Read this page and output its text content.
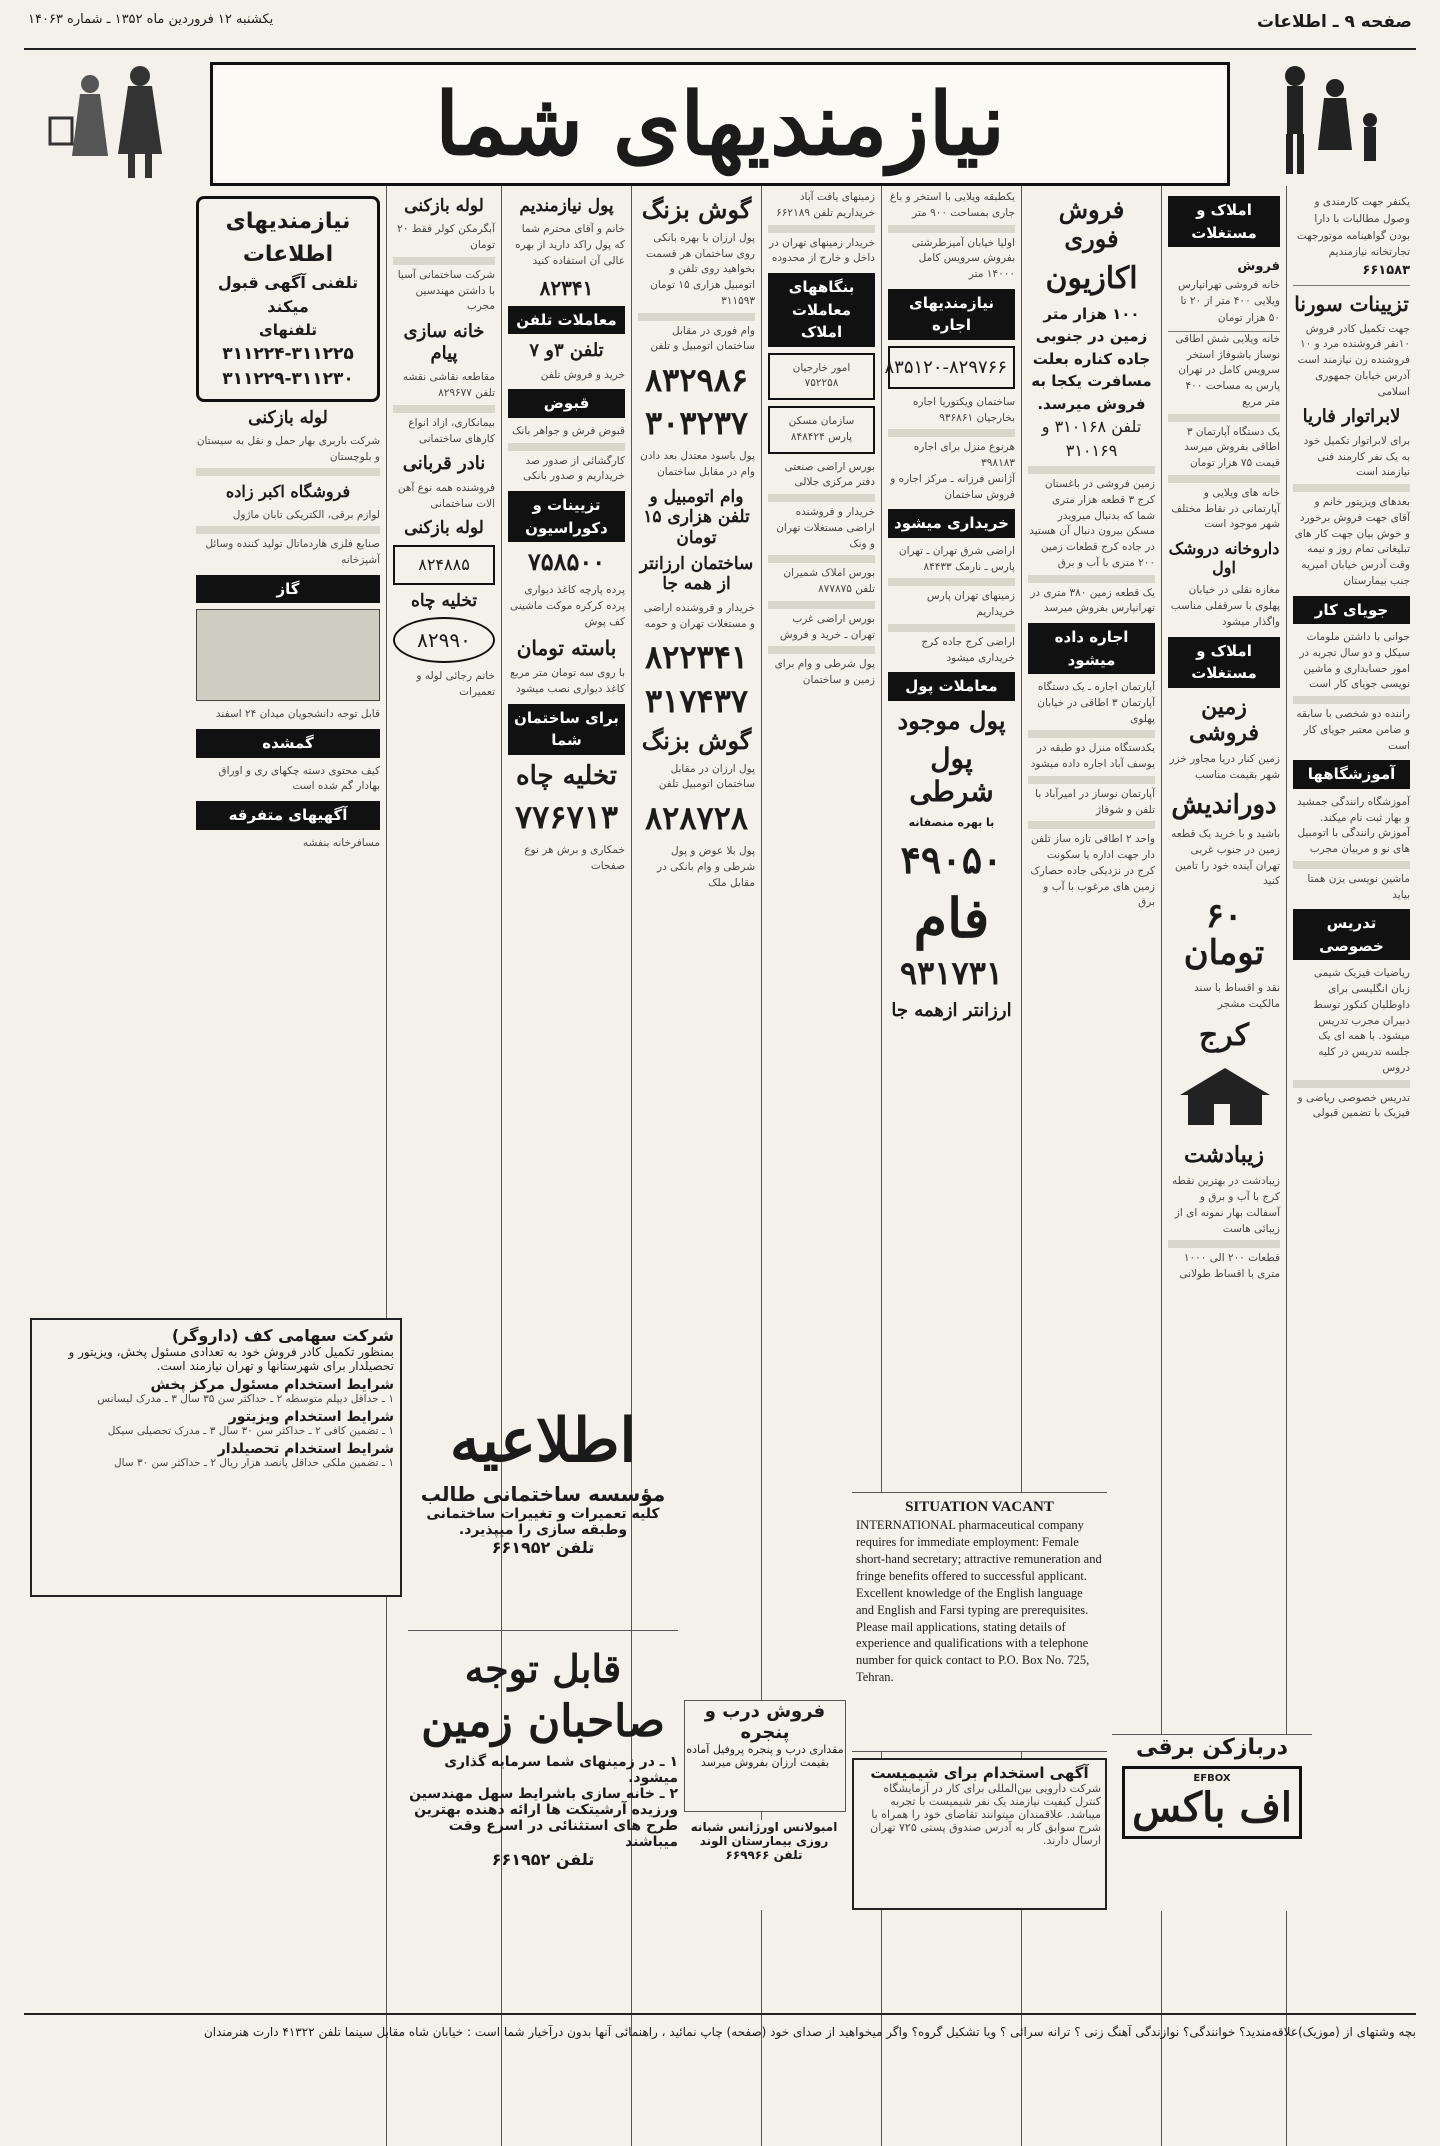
صفحه ۹ ـ اطلاعات
یکشنبه ۱۲ فروردین ماه ۱۳۵۲ ـ شماره ۱۴۰۶۳
نیازمندیهای شما
یکنفر جهت کارمندی و وصول مطالبات با دارا بودن گواهینامه موتورجهت تجارتخانه نیازمندیم
۶۶۱۵۸۳
تزیینات سورنا
جهت تکمیل کادر فروش ۱۰نفر فروشنده مرد و ۱۰ فروشنده زن نیازمند است آدرس خیابان جمهوری اسلامی
لابراتوار فاریا
برای لابراتوار تکمیل خود به یک نفر کارمند فنی نیازمند است
بعدهای ویزیتور خانم و آقای جهت فروش برخورد و خوش بیان جهت کار های تبلیغاتی تمام روز و نیمه وقت آدرس خیابان امیریه جنب بیمارستان
جویای کار
جوانی با داشتن ملومات سیکل و دو سال تجربه در امور حسابداری و ماشین نویسی جویای کار است
راننده دو شخصی با سابقه و ضامن معتبر جویای کار است
آموزشگاهها
آموزشگاه رانندگی جمشید و بهار ثبت نام میکند. آموزش رانندگی با اتومبیل های نو و مربیان مجرب
ماشین نویسی یزن همتا بیاید
تدریس خصوصی
ریاضیات فیزیک شیمی زبان انگلیسی برای داوطلبان کنکور توسط دبیران مجرب تدریس میشود. با همه ای یک جلسه تدریس در کلیه دروس
تدریس خصوصی ریاضی و فیزیک با تضمین قبولی
املاک و مستغلات
فروش
خانه فروشی تهرانپارس ویلایی ۴۰۰ متر از ۲۰ تا ۵۰ هزار تومان
خانه ویلایی شش اطاقی نوساز باشوفاژ استخر سرویس کامل در تهران پارس به مساحت ۴۰۰ متر مربع
یک دستگاه آپارتمان ۳ اطاقی بفروش میرسد قیمت ۷۵ هزار تومان
خانه های ویلایی و آپارتمانی در نقاط مختلف شهر موجود است
داروخانه دروشک اول
مغازه نقلی در خیابان پهلوی با سرقفلی مناسب واگذار میشود
املاک و مستغلات
زمین فروشی
زمین کنار دریا مجاور خزر شهر بقیمت مناسب
دوراندیش
باشید و با خرید یک قطعه زمین در جنوب غربی تهران آینده خود را تامین کنید
۶۰ تومان
نقد و اقساط با سند مالکیت مشجر
کرج
زیبادشت
زیبادشت در بهترین نقطه کرج با آب و برق و آسفالت بهار نمونه ای از زیبائی هاست
قطعات ۲۰۰ الی ۱۰۰۰ متری با اقساط طولانی
فروش فوری
اکازیون
۱۰۰ هزار متر زمین در جنوبی جاده کناره بعلت مسافرت یکجا به فروش میرسد.
تلفن ۳۱۰۱۶۸ و ۳۱۰۱۶۹
زمین فروشی در باغستان کرج ۳ قطعه هزار متری
شما که بدنبال میرویدر مسکن بیرون دنبال آن هستید در جاده کرج قطعات زمین ۲۰۰ متری با آب و برق
یک قطعه زمین ۳۸۰ متری در تهرانپارس بفروش میرسد
اجاره داده میشود
آپارتمان اجاره ـ یک دستگاه آپارتمان ۳ اطاقی در خیابان پهلوی
یکدستگاه منزل دو طبقه در یوسف آباد اجاره داده میشود
آپارتمان نوساز در امیرآباد با تلفن و شوفاژ
واحد ۲ اطاقی تازه ساز تلفن دار جهت اداره یا سکونت
کرج در نزدیکی جاده حصارک زمین های مرغوب با آب و برق
یکطبقه ویلایی با استخر و باغ جاری بمساحت ۹۰۰ متر
اولیا خیابان آمیزطرشتی بفروش سرویس کامل ۱۴۰۰۰ متر
نیازمندیهای اجاره
۸۳۵۱۲۰-۸۲۹۷۶۶
ساختمان ویکتوریا اجاره بخارجیان ۹۳۶۸۶۱
هرنوع منزل برای اجاره ۳۹۸۱۸۳
آژانس فرزانه ـ مرکز اجاره و فروش ساختمان
خریداری میشود
اراضی شرق تهران ـ تهران پارس ـ نارمک ۸۴۴۳۳
زمینهای تهران پارس خریداریم
اراضی کرج جاده کرج خریداری میشود
معاملات پول
پول موجود
پول شرطی
با بهره منصفانه
۴۹۰۵۰
فام
۹۳۱۷۳۱
ارزانتر ازهمه جا
زمینهای یافت آباد خریداریم تلفن ۶۶۲۱۸۹
خریدار زمینهای تهران در داخل و خارج از محدوده
بنگاههای معاملات املاک
امور خارجیان ۷۵۲۲۵۸
سازمان مسکن پارس ۸۴۸۴۲۴
بورس اراضی صنعتی دفتر مرکزی جلالی
خریدار و فروشنده اراضی مستغلات تهران و ونک
بورس املاک شمیران تلفن ۸۷۷۸۷۵
بورس اراضی غرب تهران ـ خرید و فروش
پول شرطی و وام برای زمین و ساختمان
گوش بزنگ
پول ارزان با بهره بانکی روی ساختمان هر قسمت بخواهید روی تلفن و اتومبیل هزاری ۱۵ تومان ۳۱۱۵۹۳
وام فوری در مقابل ساختمان اتومبیل و تلفن
۸۳۲۹۸۶
۳۰۳۲۳۷
پول باسود معتدل بعد دادن وام در مقابل ساختمان
وام اتومبیل و تلفن هزاری ۱۵ تومان
ساختمان ارزانتر از همه جا
خریدار و فروشنده اراضی و مستغلات تهران و حومه
۸۲۲۳۴۱
۳۱۷۴۳۷
گوش بزنگ
پول ارزان در مقابل ساختمان اتومبیل تلفن
۸۲۸۷۲۸
پول بلا عوض و پول شرطی و وام بانکی در مقابل ملک
پول نیازمندیم
خانم و آقای محترم شما که پول راکد دارید از بهره عالی آن استفاده کنید
۸۲۳۴۱
معاملات تلفن
تلفن ۳و ۷
خرید و فروش تلفن
قبوض
قبوض فرش و جواهر بانک
کارگشائی از صدور صد خریداریم و صدور بانکی
تزیینات و دکوراسیون
۷۵۸۵۰۰
پرده پارچه کاغذ دیواری پرده کرکره موکت ماشینی کف پوش
باسته تومان
با روی سه تومان متر مربع کاغذ دیواری نصب میشود
برای ساختمان شما
تخلیه چاه
۷۷۶۷۱۳
خمکاری و برش هر نوع صفحات
لوله بازکنی
آبگرمکن کولر فقط ۲۰ تومان
شرکت ساختمانی آسیا با داشتن مهندسین مجرب
خانه سازی پیام
مقاطعه نقاشی نقشه تلفن ۸۲۹۶۷۷
بیمانکاری، ازاد انواع کارهای ساختمانی
نادر قربانی
فروشنده همه نوع آهن الات ساختمانی
لوله بازکنی
۸۲۴۸۸۵
تخلیه چاه
۸۲۹۹۰
خانم رجائی لوله و تعمیرات
نیازمندیهای اطلاعات
تلفنی آگهی قبول میکند
تلفنهای
۳۱۱۲۲۴-۳۱۱۲۲۵
۳۱۱۲۲۹-۳۱۱۲۳۰
لوله بازکنی
شرکت باربری بهار حمل و نقل به سیستان و بلوچستان
فروشگاه اکبر زاده
لوازم برقی، الکتریکی تابان ماژول
صنایع فلزی هاردماتال تولید کننده وسائل آشپزخانه
گاز
قابل توجه دانشجویان میدان ۲۴ اسفند
گمشده
کیف محتوی دسته چکهای ری و اوراق بهادار گم شده است
آگهیهای متفرقه
مسافرخانه بنفشه
شرکت سهامی کف (داروگر)
بمنظور تکمیل کادر فروش خود به تعدادی مسئول پخش، ویزیتور و تحصیلدار برای شهرستانها و تهران نیازمند است.
شرایط استخدام مسئول مرکز پخش
۱ ـ حداقل دیپلم متوسطه ۲ ـ حداکثر سن ۳۵ سال ۳ ـ مدرک لیسانس
شرایط استخدام ویزیتور
۱ ـ تضمین کافی ۲ ـ حداکثر سن ۳۰ سال ۳ ـ مدرک تحصیلی سیکل
شرایط استخدام تحصیلدار
۱ ـ تضمین ملکی حداقل پانصد هزار ریال ۲ ـ حداکثر سن ۳۰ سال اطلاعیه
مؤسسه ساختمانی طالب
کلیه تعمیرات و تغییرات ساختمانی وطبقه سازی را میپذیرد.
تلفن ۶۶۱۹۵۲
قابل توجه
صاحبان زمین
۱ ـ در زمینهای شما سرمایه گذاری میشود.
۲ ـ خانه سازی باشرایط سهل مهندسین ورزیده آرشیتکت ها ارائه دهنده بهترین طرح های استثنائی در اسرع وقت میباشند
تلفن ۶۶۱۹۵۲
فروش درب و پنجره
مقداری درب و پنجره پروفیل آماده بقیمت ارزان بفروش میرسد
امبولانس اورژانس شبانه روزی بیمارستان الوند
تلفن ۶۶۹۹۶۶
SITUATION VACANT
INTERNATIONAL pharmaceutical company requires for immediate employment: Female short-hand secretary; attractive remuneration and fringe benefits offered to successful applicant. Excellent knowledge of the English language and English and Farsi typing are prerequisites. Please mail applications, stating details of experience and qualifications with a telephone number for quick contact to P.O. Box No. 725, Tehran.
آگهی استخدام برای شیمیست
شرکت دارویی بین‌المللی برای کار در آزمایشگاه کنترل کیفیت نیازمند یک نفر شیمیست با تجربه میباشد. علاقمندان میتوانند تقاضای خود را همراه با شرح سوابق کار به آدرس صندوق پستی ۷۲۵ تهران ارسال دارند.
دربازکن برقی
EFBOX
اف باکس
بچه وشتهای از (موزیک)علاقه‌مندید؟ خوانندگی؟ نوازندگی آهنگ زنی ؟ ترانه سرائی ؟ ویا تشکیل گروه؟ واگر میخواهید از صدای خود (صفحه) چاپ نمائید ، راهنمائی آنها بدون درآخیار شما است : خیابان شاه مقابل سینما تلفن ۴۱۳۲۲ دارت هنرمندان
